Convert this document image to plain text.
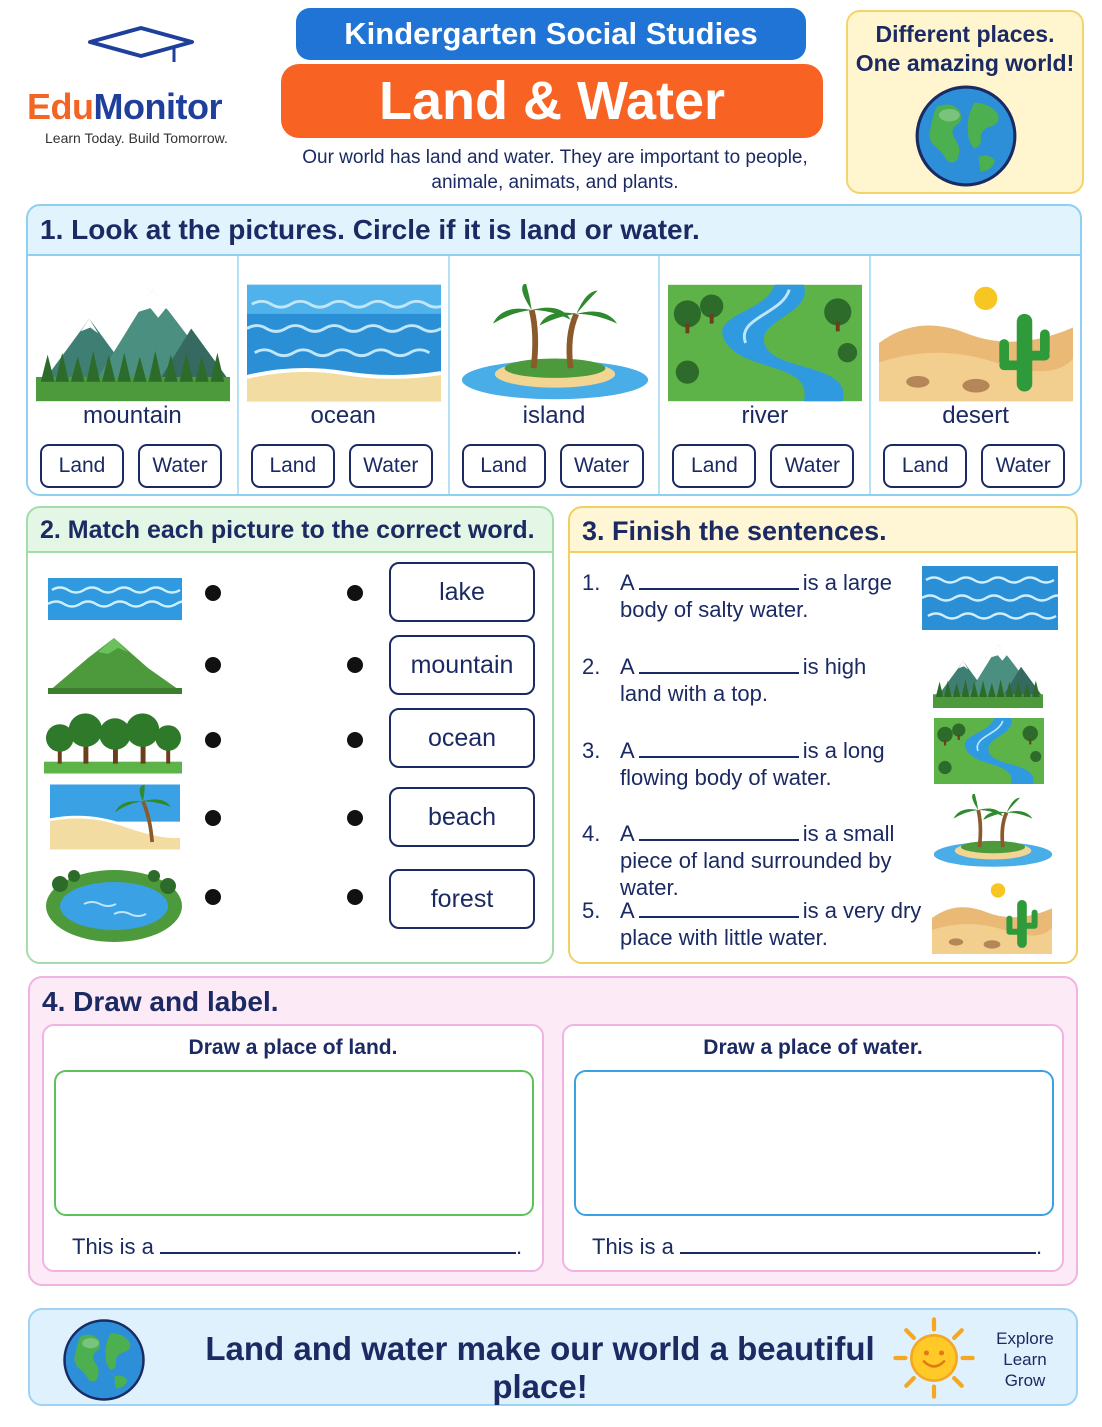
EduMonitor
Learn Today. Build Tomorrow.
Kindergarten Social Studies
Land & Water
Our world has land and water. They are important to people, animale, animats, and plants.
Different places.
One amazing world!
1. Look at the pictures. Circle if it is land or water.
mountain
Land	Water
ocean
Land	Water
island
Land	Water
river
Land	Water
desert
Land	Water
2. Match each picture to the correct word.
lake
mountain
ocean
beach
forest
3. Finish the sentences.
1. A	is a large
body of salty water.
2. A	is high
land with a top.
3. A	is a long
flowing body of water.
4. A	is a small
piece of land surrounded by water.
5. A	is a very dry
place with little water.
4. Draw and label.
Draw a place of land.
This is a	.
Draw a place of water.
This is a	.
Land and water make our world a beautiful place!
Explore
Learn
Grow
